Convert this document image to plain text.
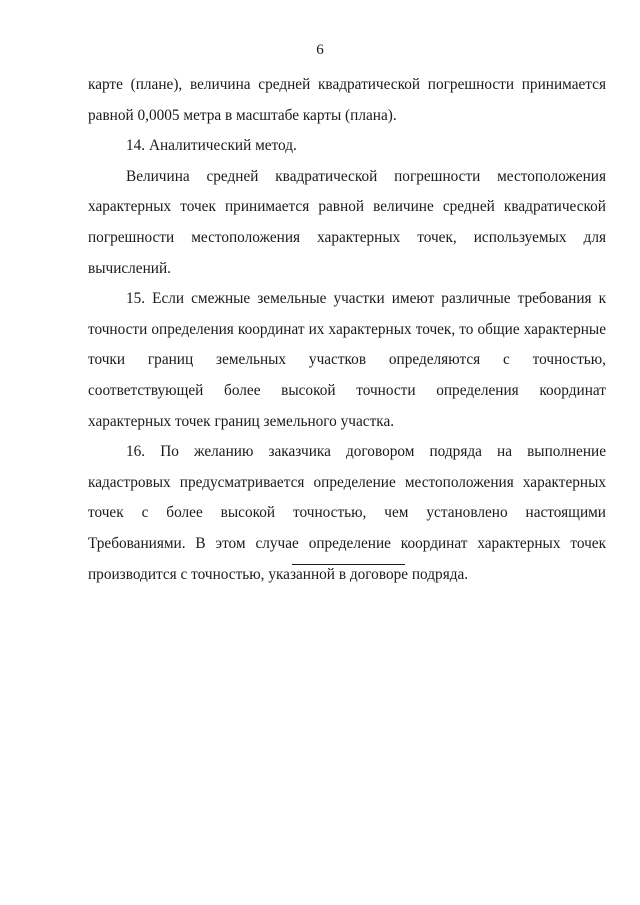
6

карте (плане), величина средней квадратической погрешности принимается равной 0,0005 метра в масштабе карты (плана).

14. Аналитический метод.

Величина средней квадратической погрешности местоположения характерных точек принимается равной величине средней квадратической погрешности местоположения характерных точек, используемых для вычислений.

15. Если смежные земельные участки имеют различные требования к точности определения координат их характерных точек, то общие характерные точки границ земельных участков определяются с точностью, соответствующей более высокой точности определения координат характерных точек границ земельного участка.

16. По желанию заказчика договором подряда на выполнение кадастровых предусматривается определение местоположения характерных точек с более высокой точностью, чем установлено настоящими Требованиями. В этом случае определение координат характерных точек производится с точностью, указанной в договоре подряда.
